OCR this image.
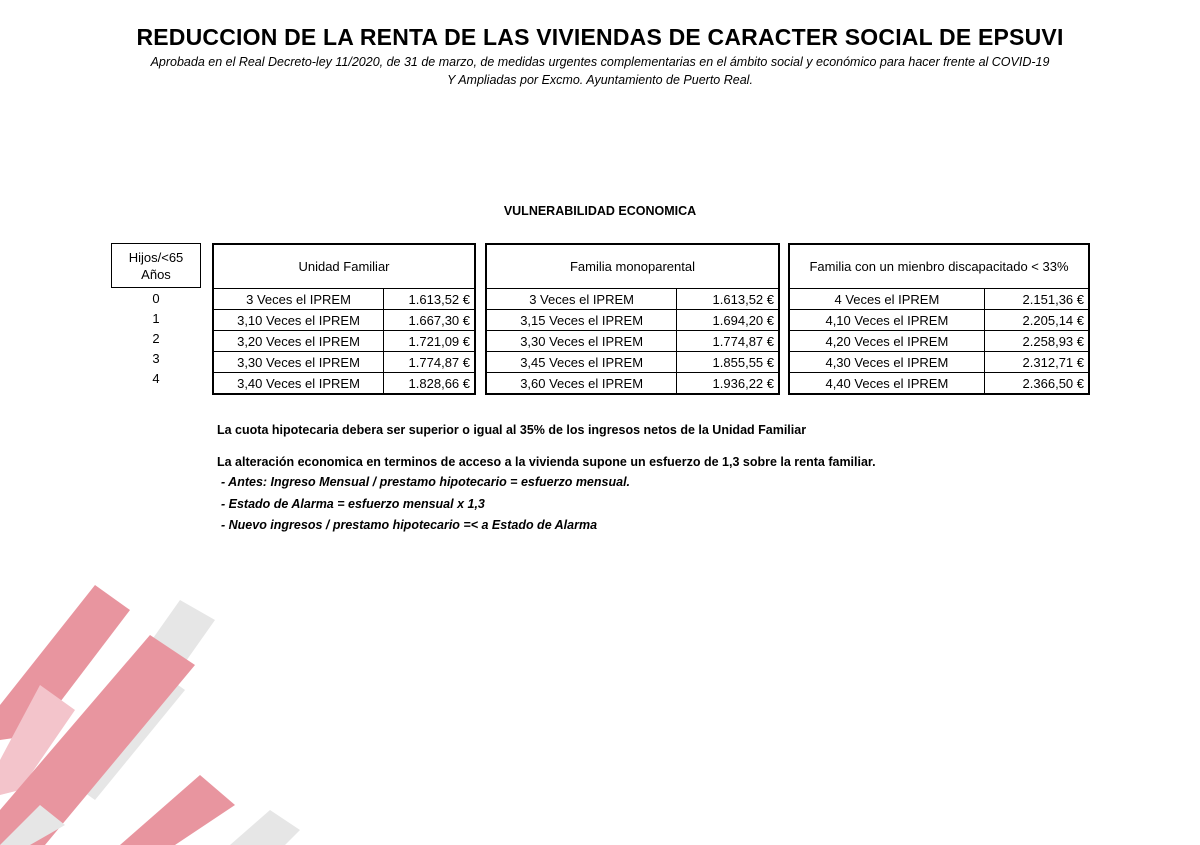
REDUCCION DE LA RENTA DE LAS VIVIENDAS DE CARACTER SOCIAL DE EPSUVI
Aprobada en el Real Decreto-ley 11/2020, de 31 de marzo, de medidas urgentes complementarias en el ámbito social y económico para hacer frente al COVID-19
Y Ampliadas por Excmo. Ayuntamiento de Puerto Real.
VULNERABILIDAD ECONOMICA
Hijos/<65
Años
0
1
2
3
4
Unidad Familiar	
3 Veces el IPREM	1.613,52 €
3,10 Veces el IPREM	1.667,30 €
3,20 Veces el IPREM	1.721,09 €
3,30 Veces el IPREM	1.774,87 €
3,40 Veces el IPREM	1.828,66 €
Familia monoparental	
3 Veces el IPREM	1.613,52 €
3,15 Veces el IPREM	1.694,20 €
3,30 Veces el IPREM	1.774,87 €
3,45 Veces el IPREM	1.855,55 €
3,60 Veces el IPREM	1.936,22 €
Familia con un mienbro discapacitado < 33%	
4 Veces el IPREM	2.151,36 €
4,10 Veces el IPREM	2.205,14 €
4,20 Veces el IPREM	2.258,93 €
4,30 Veces el IPREM	2.312,71 €
4,40 Veces el IPREM	2.366,50 €
La cuota hipotecaria debera ser superior o igual al 35% de los ingresos netos de la Unidad Familiar
La alteración economica en terminos de acceso a la vivienda supone un esfuerzo de 1,3 sobre la renta familiar.
- Antes: Ingreso Mensual / prestamo hipotecario = esfuerzo mensual.
- Estado de Alarma = esfuerzo mensual x 1,3
- Nuevo ingresos / prestamo hipotecario =< a Estado de Alarma
